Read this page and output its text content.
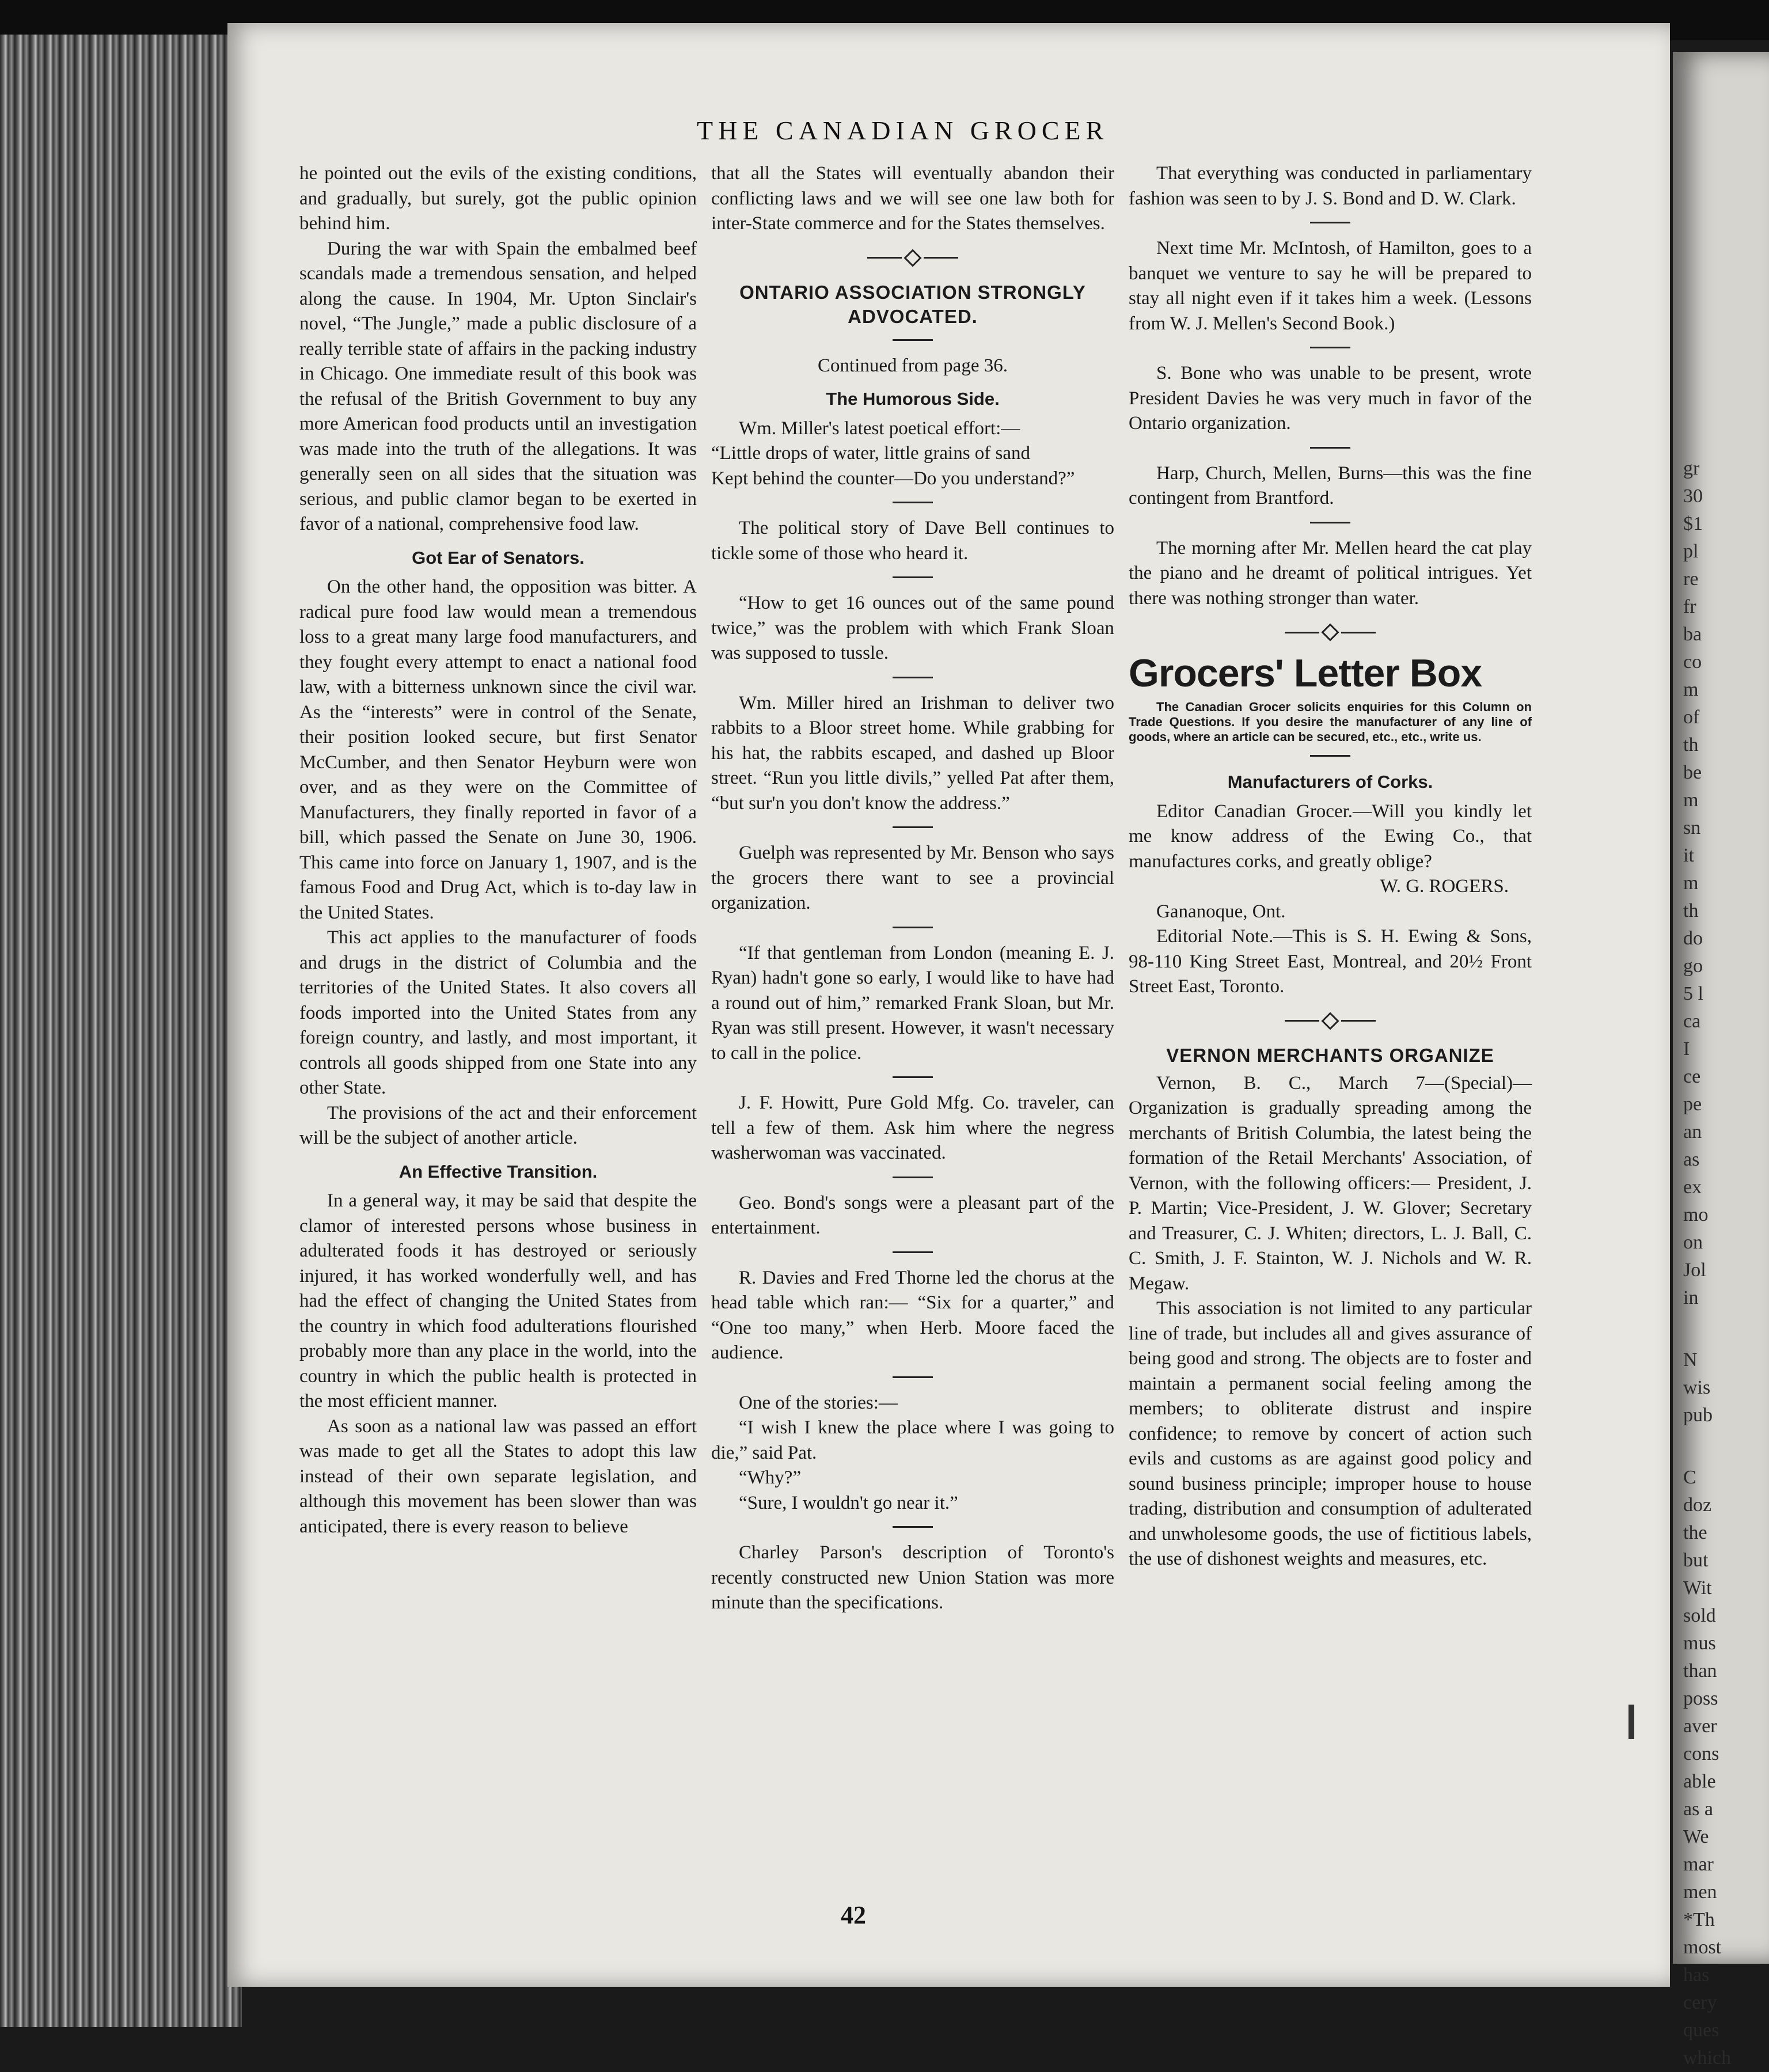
THE CANADIAN GROCER

he pointed out the evils of the existing conditions, and gradually, but surely, got the public opinion behind him.

During the war with Spain the embalmed beef scandals made a tremendous sensation, and helped along the cause. In 1904, Mr. Upton Sinclair's novel, “The Jungle,” made a public disclosure of a really terrible state of affairs in the packing industry in Chicago. One immediate result of this book was the refusal of the British Government to buy any more American food products until an investigation was made into the truth of the allegations. It was generally seen on all sides that the situation was serious, and public clamor began to be exerted in favor of a national, comprehensive food law.

Got Ear of Senators.

On the other hand, the opposition was bitter. A radical pure food law would mean a tremendous loss to a great many large food manufacturers, and they fought every attempt to enact a national food law, with a bitterness unknown since the civil war. As the “interests” were in control of the Senate, their position looked secure, but first Senator McCumber, and then Senator Heyburn were won over, and as they were on the Committee of Manufacturers, they finally reported in favor of a bill, which passed the Senate on June 30, 1906. This came into force on January 1, 1907, and is the famous Food and Drug Act, which is to-day law in the United States.

This act applies to the manufacturer of foods and drugs in the district of Columbia and the territories of the United States. It also covers all foods imported into the United States from any foreign country, and lastly, and most important, it controls all goods shipped from one State into any other State.

The provisions of the act and their enforcement will be the subject of another article.

An Effective Transition.

In a general way, it may be said that despite the clamor of interested persons whose business in adulterated foods it has destroyed or seriously injured, it has worked wonderfully well, and has had the effect of changing the United States from the country in which food adulterations flourished probably more than any place in the world, into the country in which the public health is protected in the most efficient manner.

As soon as a national law was passed an effort was made to get all the States to adopt this law instead of their own separate legislation, and although this movement has been slower than was anticipated, there is every reason to believe

that all the States will eventually abandon their conflicting laws and we will see one law both for inter-State commerce and for the States themselves.

ONTARIO ASSOCIATION STRONGLY ADVOCATED.

Continued from page 36.

The Humorous Side.

Wm. Miller's latest poetical effort:—

“Little drops of water, little grains of sand

Kept behind the counter—Do you understand?”

The political story of Dave Bell continues to tickle some of those who heard it.

“How to get 16 ounces out of the same pound twice,” was the problem with which Frank Sloan was supposed to tussle.

Wm. Miller hired an Irishman to deliver two rabbits to a Bloor street home. While grabbing for his hat, the rabbits escaped, and dashed up Bloor street. “Run you little divils,” yelled Pat after them, “but sur'n you don't know the address.”

Guelph was represented by Mr. Benson who says the grocers there want to see a provincial organization.

“If that gentleman from London (meaning E. J. Ryan) hadn't gone so early, I would like to have had a round out of him,” remarked Frank Sloan, but Mr. Ryan was still present. However, it wasn't necessary to call in the police.

J. F. Howitt, Pure Gold Mfg. Co. traveler, can tell a few of them. Ask him where the negress washerwoman was vaccinated.

Geo. Bond's songs were a pleasant part of the entertainment.

R. Davies and Fred Thorne led the chorus at the head table which ran:— “Six for a quarter,” and “One too many,” when Herb. Moore faced the audience.

One of the stories:—

“I wish I knew the place where I was going to die,” said Pat.

“Why?”

“Sure, I wouldn't go near it.”

Charley Parson's description of Toronto's recently constructed new Union Station was more minute than the specifications.

That everything was conducted in parliamentary fashion was seen to by J. S. Bond and D. W. Clark.

Next time Mr. McIntosh, of Hamilton, goes to a banquet we venture to say he will be prepared to stay all night even if it takes him a week. (Lessons from W. J. Mellen's Second Book.)

S. Bone who was unable to be present, wrote President Davies he was very much in favor of the Ontario organization.

Harp, Church, Mellen, Burns—this was the fine contingent from Brantford.

The morning after Mr. Mellen heard the cat play the piano and he dreamt of political intrigues. Yet there was nothing stronger than water.

Grocers' Letter Box

The Canadian Grocer solicits enquiries for this Column on Trade Questions. If you desire the manufacturer of any line of goods, where an article can be secured, etc., etc., write us.

Manufacturers of Corks.

Editor Canadian Grocer.—Will you kindly let me know address of the Ewing Co., that manufactures corks, and greatly oblige?

W. G. ROGERS.

Gananoque, Ont.

Editorial Note.—This is S. H. Ewing & Sons, 98-110 King Street East, Montreal, and 20½ Front Street East, Toronto.

VERNON MERCHANTS ORGANIZE

Vernon, B. C., March 7—(Special)— Organization is gradually spreading among the merchants of British Columbia, the latest being the formation of the Retail Merchants' Association, of Vernon, with the following officers:— President, J. P. Martin; Vice-President, J. W. Glover; Secretary and Treasurer, C. J. Whiten; directors, L. J. Ball, C. C. Smith, J. F. Stainton, W. J. Nichols and W. R. Megaw.

This association is not limited to any particular line of trade, but includes all and gives assurance of being good and strong. The objects are to foster and maintain a permanent social feeling among the members; to obliterate distrust and inspire confidence; to remove by concert of action such evils and customs as are against good policy and sound business principle; improper house to house trading, distribution and consumption of adulterated and unwholesome goods, the use of fictitious labels, the use of dishonest weights and measures, etc.

42
gr
30
$1
pl
re
fr
ba
co
m
of
th
be
m
sn
it
m
th
do
go
5 l
ca
I
ce
pe
an
as
ex
mo
on
Jol
in
N
wis
pub
C
doz
the
but
Wit
sold
mus
than
poss
aver
cons
able
as a
We
mar
men
*Th
most
has
cery
ques
which
